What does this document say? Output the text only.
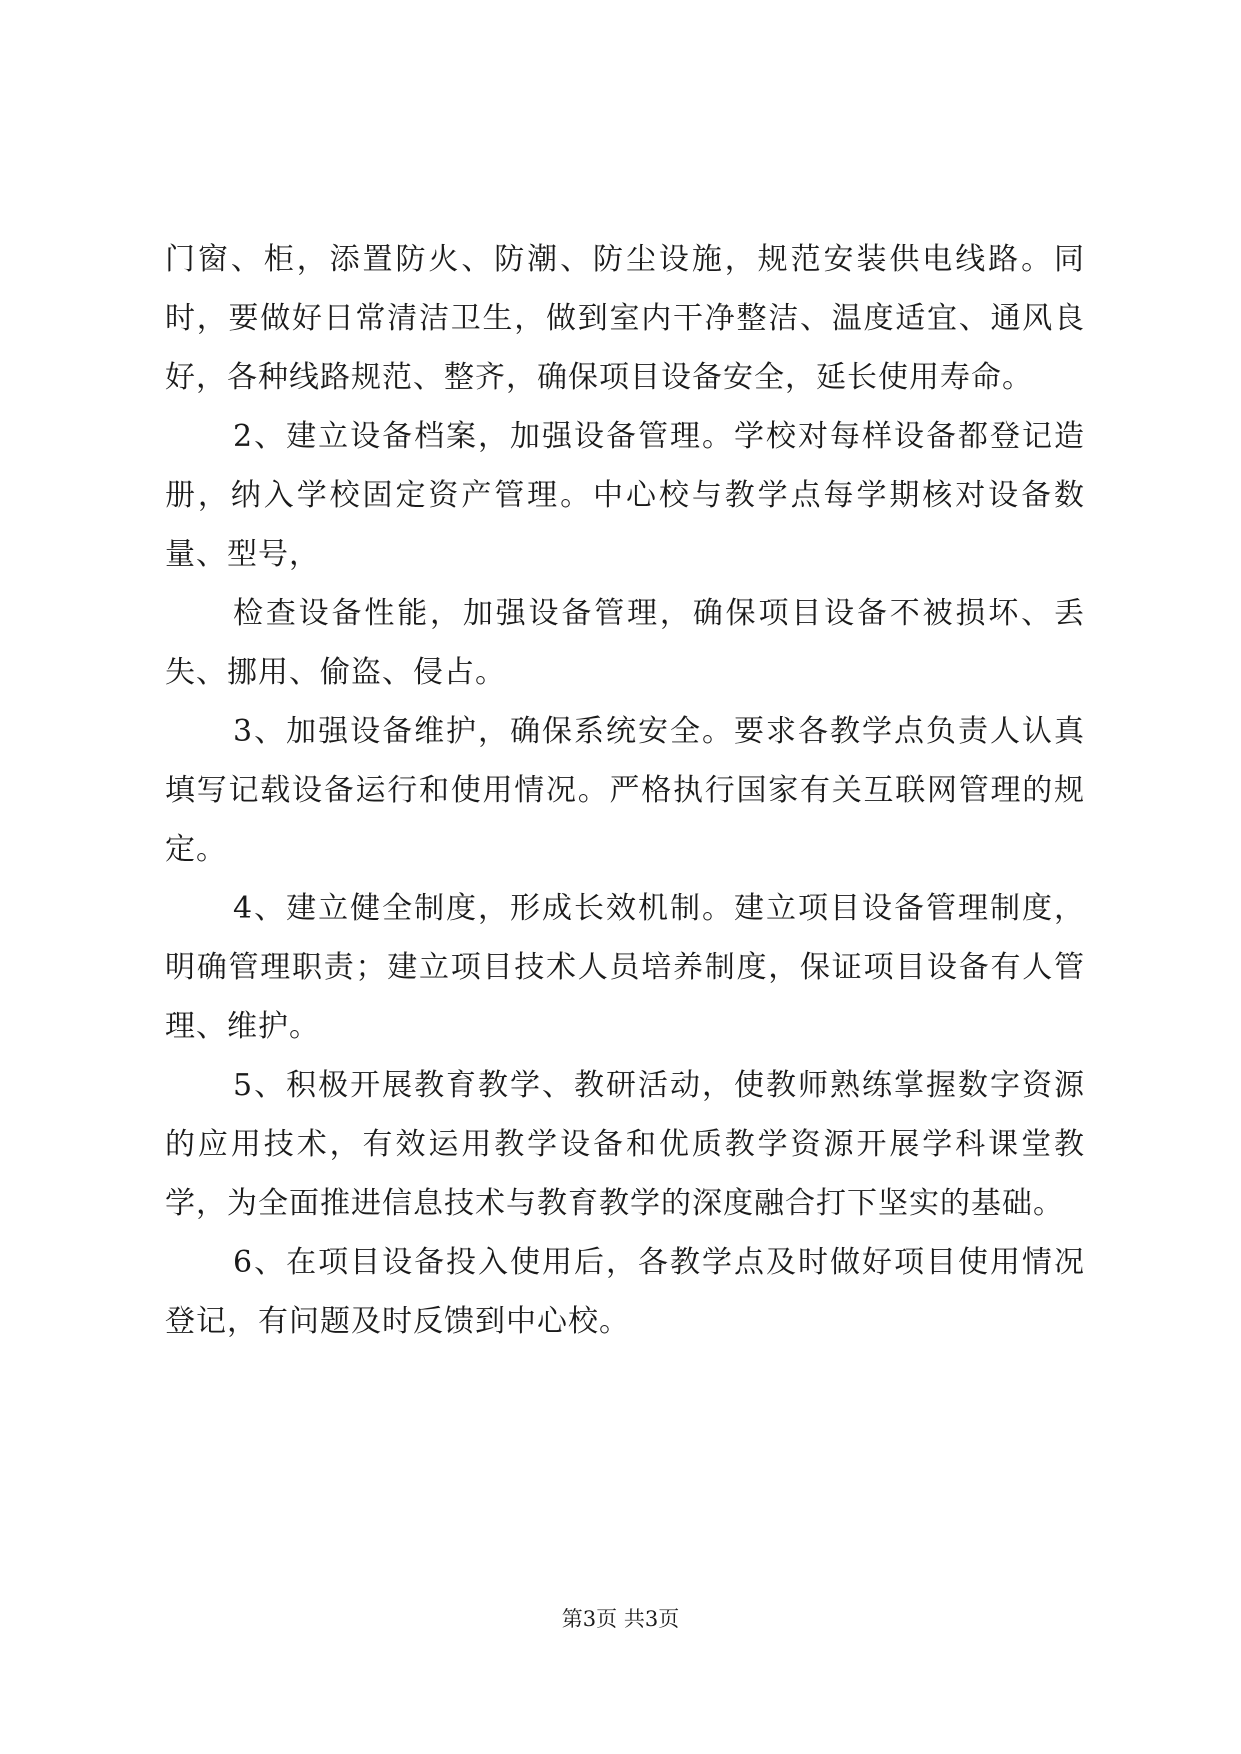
门窗、柜，添置防火、防潮、防尘设施，规范安装供电线路。同时，要做好日常清洁卫生，做到室内干净整洁、温度适宜、通风良好，各种线路规范、整齐，确保项目设备安全，延长使用寿命。

2、建立设备档案，加强设备管理。学校对每样设备都登记造册，纳入学校固定资产管理。中心校与教学点每学期核对设备数量、型号，

检查设备性能，加强设备管理，确保项目设备不被损坏、丢失、挪用、偷盗、侵占。

3、加强设备维护，确保系统安全。要求各教学点负责人认真填写记载设备运行和使用情况。严格执行国家有关互联网管理的规定。

4、建立健全制度，形成长效机制。建立项目设备管理制度，明确管理职责；建立项目技术人员培养制度，保证项目设备有人管理、维护。

5、积极开展教育教学、教研活动，使教师熟练掌握数字资源的应用技术，有效运用教学设备和优质教学资源开展学科课堂教学，为全面推进信息技术与教育教学的深度融合打下坚实的基础。

6、在项目设备投入使用后，各教学点及时做好项目使用情况登记，有问题及时反馈到中心校。

第3页 共3页
